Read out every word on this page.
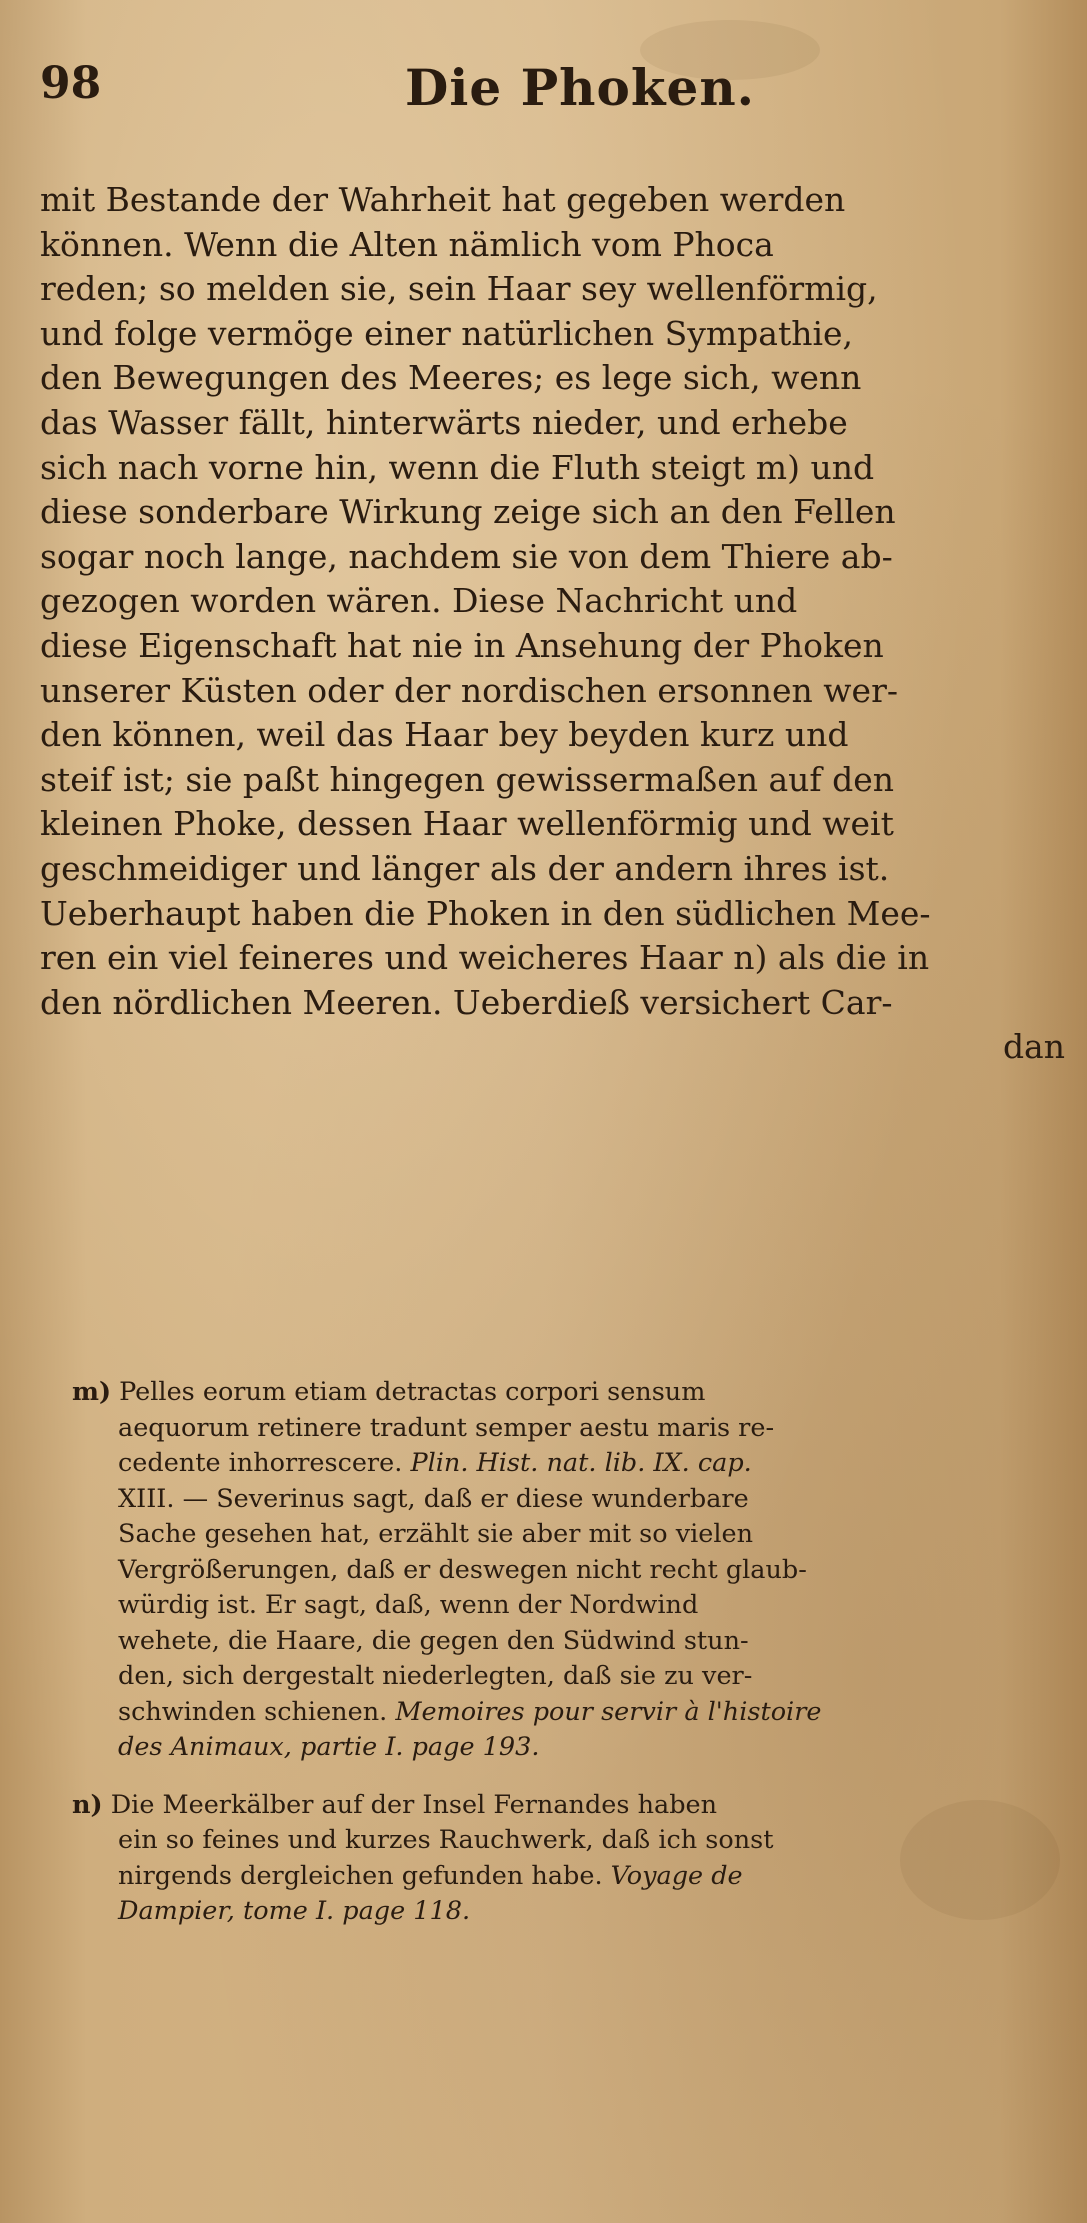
98	Die Phoken.
mit Bestande der Wahrheit hat gegeben werden
können. Wenn die Alten nämlich vom Phoca
reden; so melden sie, sein Haar sey wellenförmig,
und folge vermöge einer natürlichen Sympathie,
den Bewegungen des Meeres; es lege sich, wenn
das Wasser fällt, hinterwärts nieder, und erhebe
sich nach vorne hin, wenn die Fluth steigt m) und
diese sonderbare Wirkung zeige sich an den Fellen
sogar noch lange, nachdem sie von dem Thiere ab-
gezogen worden wären. Diese Nachricht und
diese Eigenschaft hat nie in Ansehung der Phoken
unserer Küsten oder der nordischen ersonnen wer-
den können, weil das Haar bey beyden kurz und
steif ist; sie paßt hingegen gewissermaßen auf den
kleinen Phoke, dessen Haar wellenförmig und weit
geschmeidiger und länger als der andern ihres ist.
Ueberhaupt haben die Phoken in den südlichen Mee-
ren ein viel feineres und weicheres Haar n) als die in
den nördlichen Meeren. Ueberdieß versichert Car-
dan
m) Pelles eorum etiam detractas corpori sensum
aequorum retinere tradunt semper aestu maris re-
cedente inhorrescere. Plin. Hist. nat. lib. IX. cap.
XIII. — Severinus sagt, daß er diese wunderbare
Sache gesehen hat, erzählt sie aber mit so vielen
Vergrößerungen, daß er deswegen nicht recht glaub-
würdig ist. Er sagt, daß, wenn der Nordwind
wehete, die Haare, die gegen den Südwind stun-
den, sich dergestalt niederlegten, daß sie zu ver-
schwinden schienen. Memoires pour servir à l'histoire
des Animaux, partie I. page 193.
n) Die Meerkälber auf der Insel Fernandes haben
ein so feines und kurzes Rauchwerk, daß ich sonst
nirgends dergleichen gefunden habe. Voyage de
Dampier, tome I. page 118.
